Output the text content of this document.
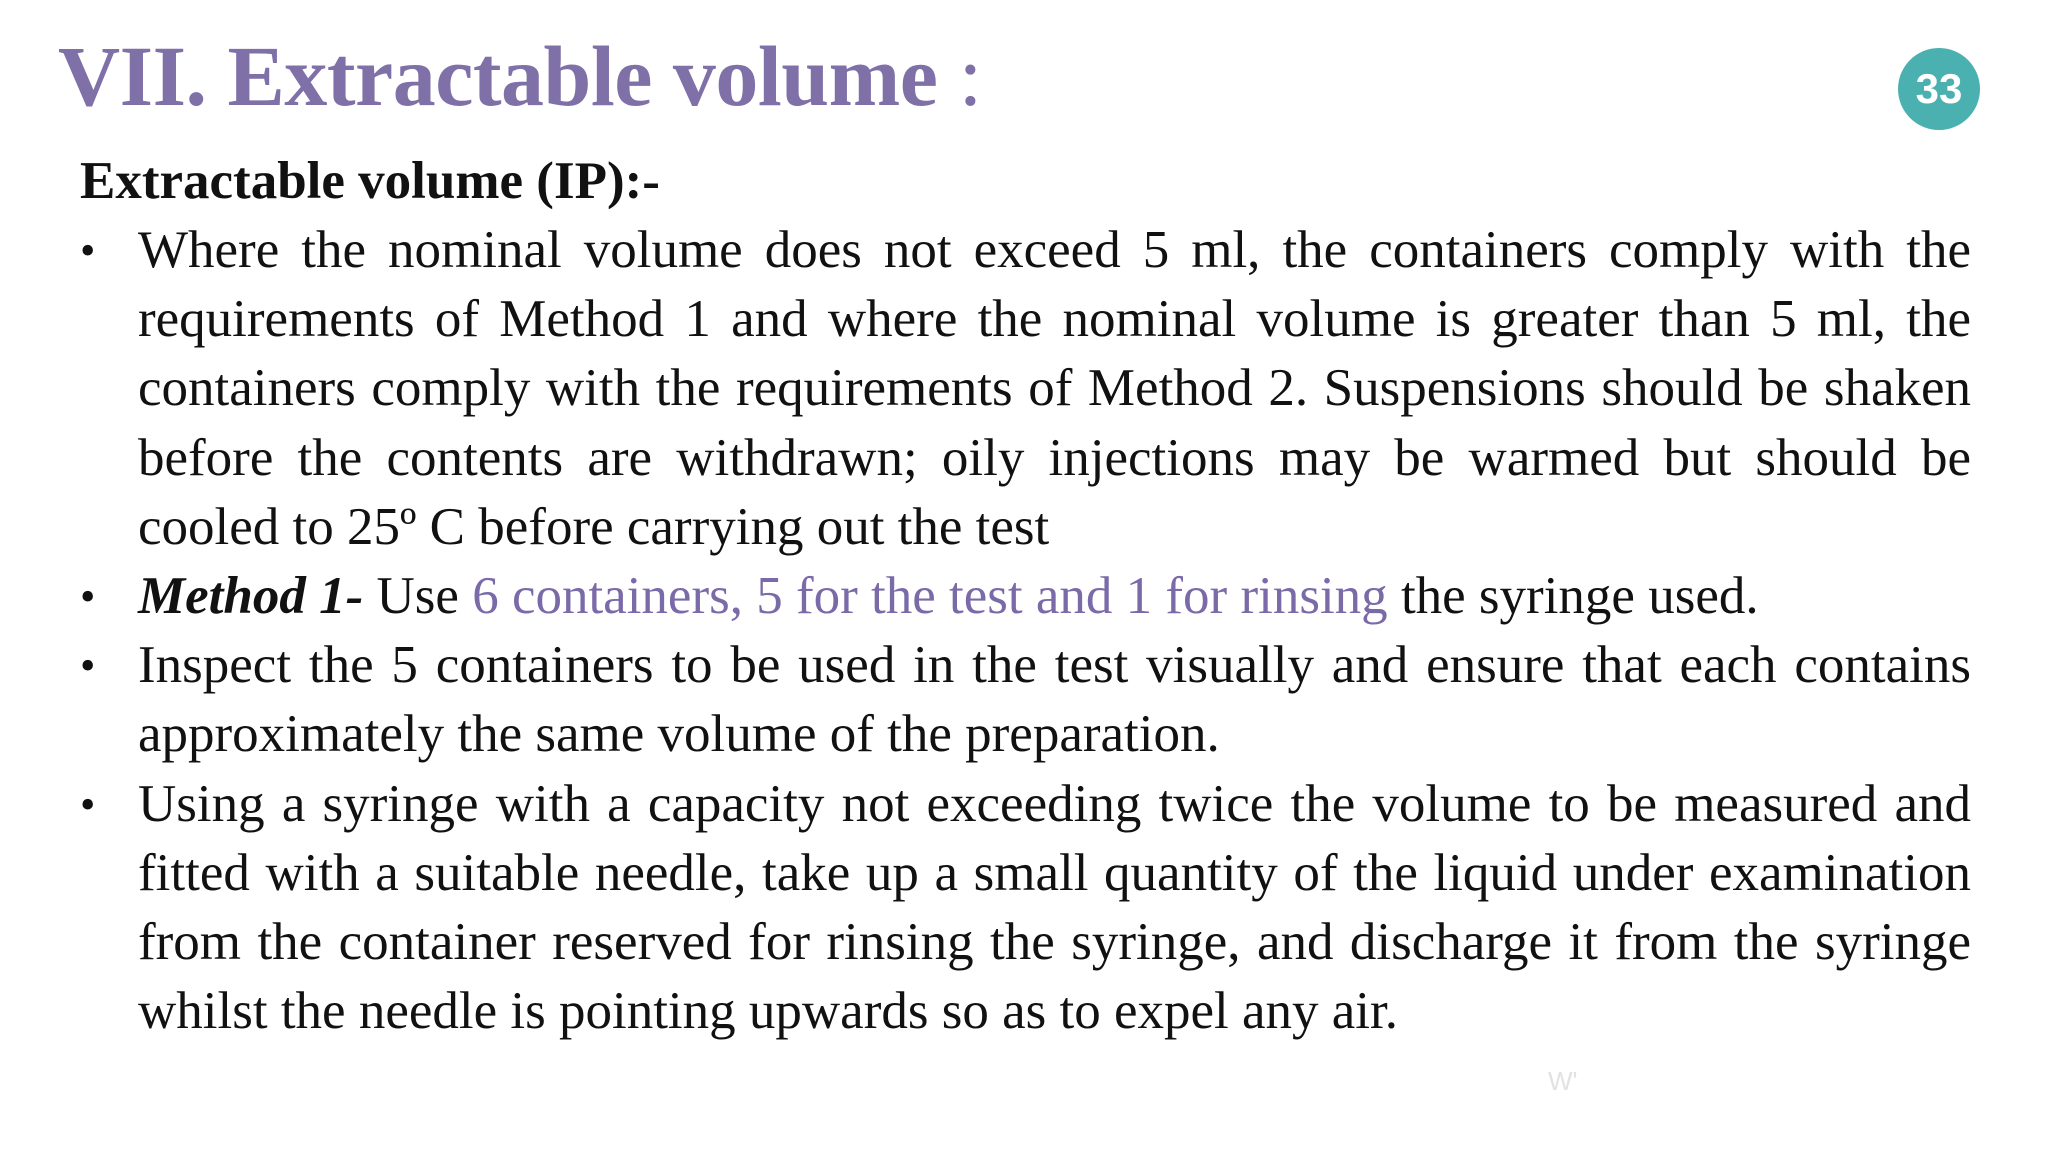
VII. Extractable volume :	33

Extractable volume (IP):-

• Where the nominal volume does not exceed 5 ml, the containers comply with the requirements of Method 1 and where the nominal volume is greater than 5 ml, the containers comply with the requirements of Method 2. Suspensions should be shaken before the contents are withdrawn; oily injections may be warmed but should be cooled to 25º C before carrying out the test
• Method 1- Use 6 containers, 5 for the test and 1 for rinsing the syringe used.
• Inspect the 5 containers to be used in the test visually and ensure that each contains approximately the same volume of the preparation.
• Using a syringe with a capacity not exceeding twice the volume to be measured and fitted with a suitable needle, take up a small quantity of the liquid under examination from the container reserved for rinsing the syringe, and discharge it from the syringe whilst the needle is pointing upwards so as to expel any air.
W'
